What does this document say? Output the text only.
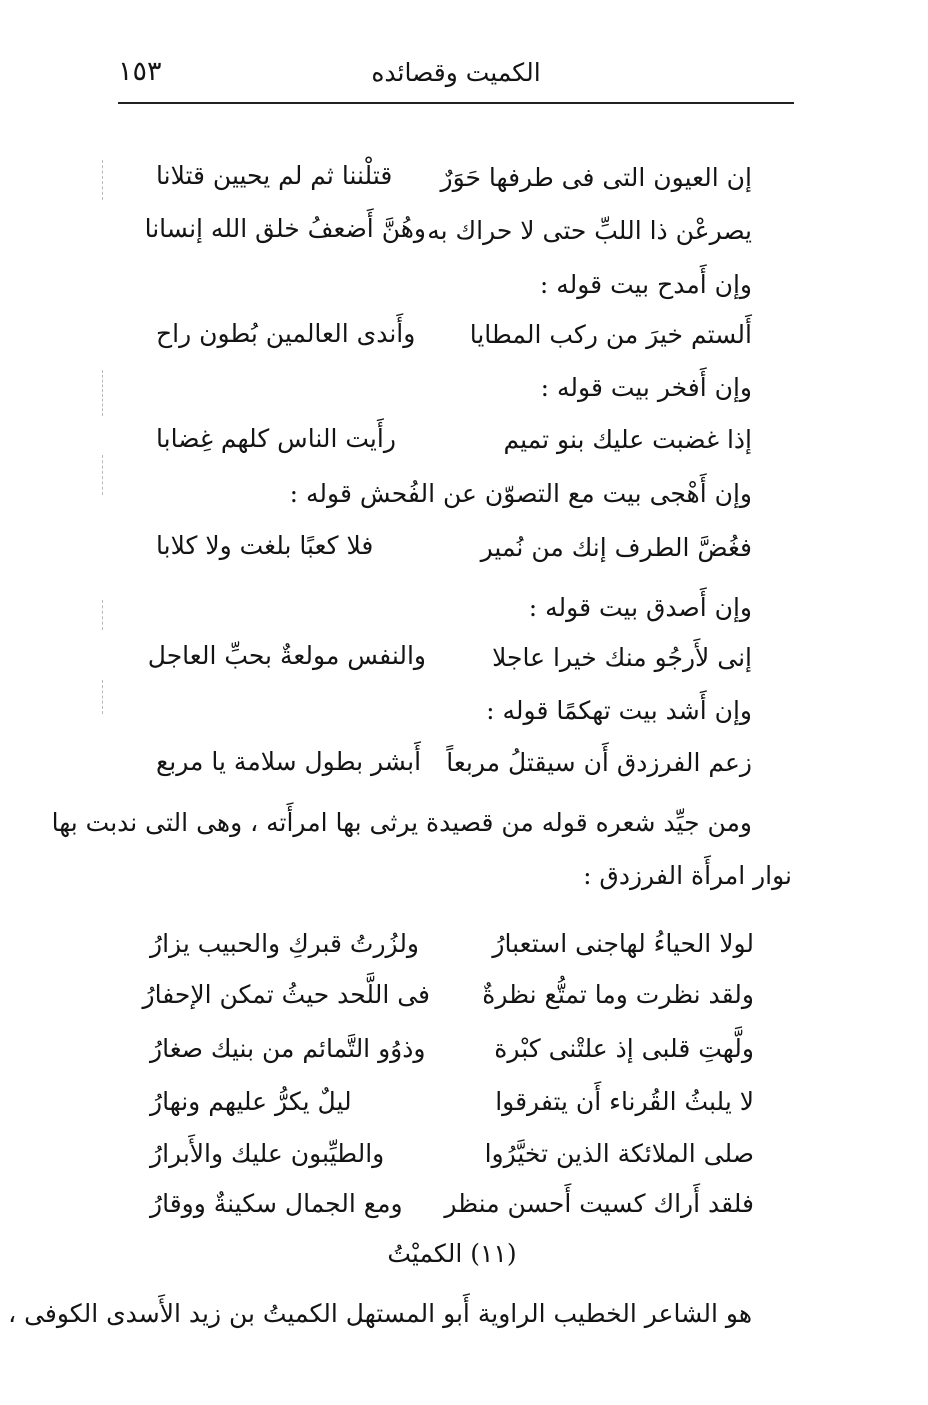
الكميت وقصائده
١٥٣
إن العيون التى فى طرفها حَوَرٌ
قتلْننا ثم لم يحيين قتلانا
يصرعْن ذا اللبِّ حتى لا حراك به
وهُنَّ أَضعفُ خلق الله إنسانا
وإن أَمدح بيت قوله :
أَلستم خيرَ من ركب المطايا
وأَندى العالمين بُطون راح
وإن أَفخر بيت قوله :
إذا غضبت عليك بنو تميم
رأَيت الناس كلهم غِضابا
وإن أَهْجى بيت مع التصوّن عن الفُحش قوله :
فغُضَّ الطرف إنك من نُمير
فلا كعبًا بلغت ولا كلابا
وإن أَصدق بيت قوله :
إنى لأَرجُو منك خيرا عاجلا
والنفس مولعةٌ بحبِّ العاجل
وإن أَشد بيت تهكمًا قوله :
زعم الفرزدق أَن سيقتلُ مربعاً
أَبشر بطول سلامة يا مربع
ومن جيِّد شعره قوله من قصيدة يرثى بها امرأَته ، وهى التى ندبت بها
نوار امرأَة الفرزدق :
لولا الحياءُ لهاجنى استعبارُ
ولزُرتُ قبركِ والحبيب يزارُ
ولقد نظرت وما تمتُّع نظرةٌ
فى اللَّحد حيثُ تمكن الإحفارُ
ولَّهتِ قلبى إذ علتْنى كبْرة
وذوُو التَّمائم من بنيك صغارُ
لا يلبثُ القُرناء أَن يتفرقوا
ليلٌ يكرُّ عليهم ونهارُ
صلى الملائكة الذين تخيَّرُوا
والطيِّبون عليك والأَبرارُ
فلقد أَراك كسيت أَحسن منظر
ومع الجمال سكينةٌ ووقارُ
(١١) الكميْتُ
هو الشاعر الخطيب الراوية أَبو المستهل الكميتُ بن زيد الأَسدى الكوفى ،
